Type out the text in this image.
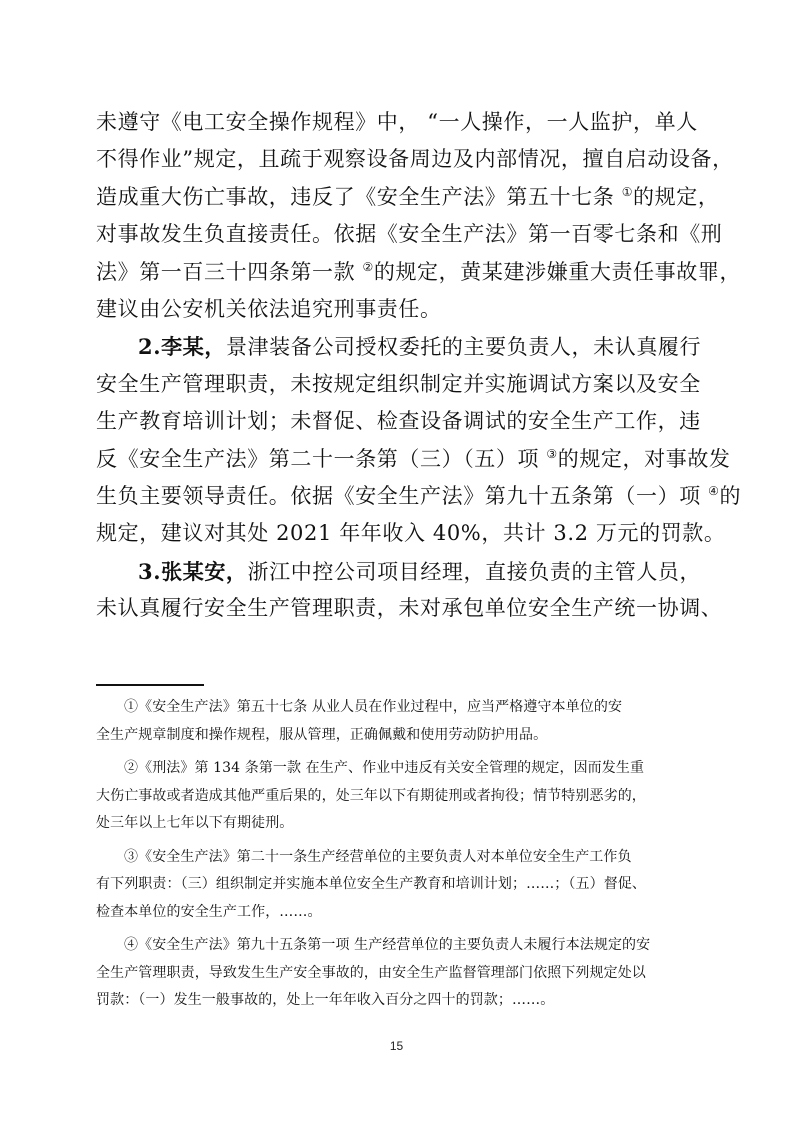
未遵守《电工安全操作规程》中， “一人操作，一人监护，单人
不得作业”规定，且疏于观察设备周边及内部情况，擅自启动设备，
造成重大伤亡事故，违反了《安全生产法》第五十七条 ①的规定，
对事故发生负直接责任。依据《安全生产法》第一百零七条和《刑
法》第一百三十四条第一款 ②的规定，黄某建涉嫌重大责任事故罪，
建议由公安机关依法追究刑事责任。
2.李某，景津装备公司授权委托的主要负责人，未认真履行
安全生产管理职责，未按规定组织制定并实施调试方案以及安全
生产教育培训计划；未督促、检查设备调试的安全生产工作，违
反《安全生产法》第二十一条第（三）（五）项 ③的规定，对事故发
生负主要领导责任。依据《安全生产法》第九十五条第（一）项 ④的
规定，建议对其处 2021 年年收入 40%，共计 3.2 万元的罚款。
3.张某安，浙江中控公司项目经理，直接负责的主管人员，
未认真履行安全生产管理职责，未对承包单位安全生产统一协调、
①《安全生产法》第五十七条 从业人员在作业过程中，应当严格遵守本单位的安
全生产规章制度和操作规程，服从管理，正确佩戴和使用劳动防护用品。
②《刑法》第 134 条第一款 在生产、作业中违反有关安全管理的规定，因而发生重
大伤亡事故或者造成其他严重后果的，处三年以下有期徒刑或者拘役；情节特别恶劣的，
处三年以上七年以下有期徒刑。
③《安全生产法》第二十一条生产经营单位的主要负责人对本单位安全生产工作负
有下列职责：（三）组织制定并实施本单位安全生产教育和培训计划；……；（五）督促、
检查本单位的安全生产工作，……。
④《安全生产法》第九十五条第一项 生产经营单位的主要负责人未履行本法规定的安
全生产管理职责，导致发生生产安全事故的，由安全生产监督管理部门依照下列规定处以
罚款：（一）发生一般事故的，处上一年年收入百分之四十的罚款；……。
15
